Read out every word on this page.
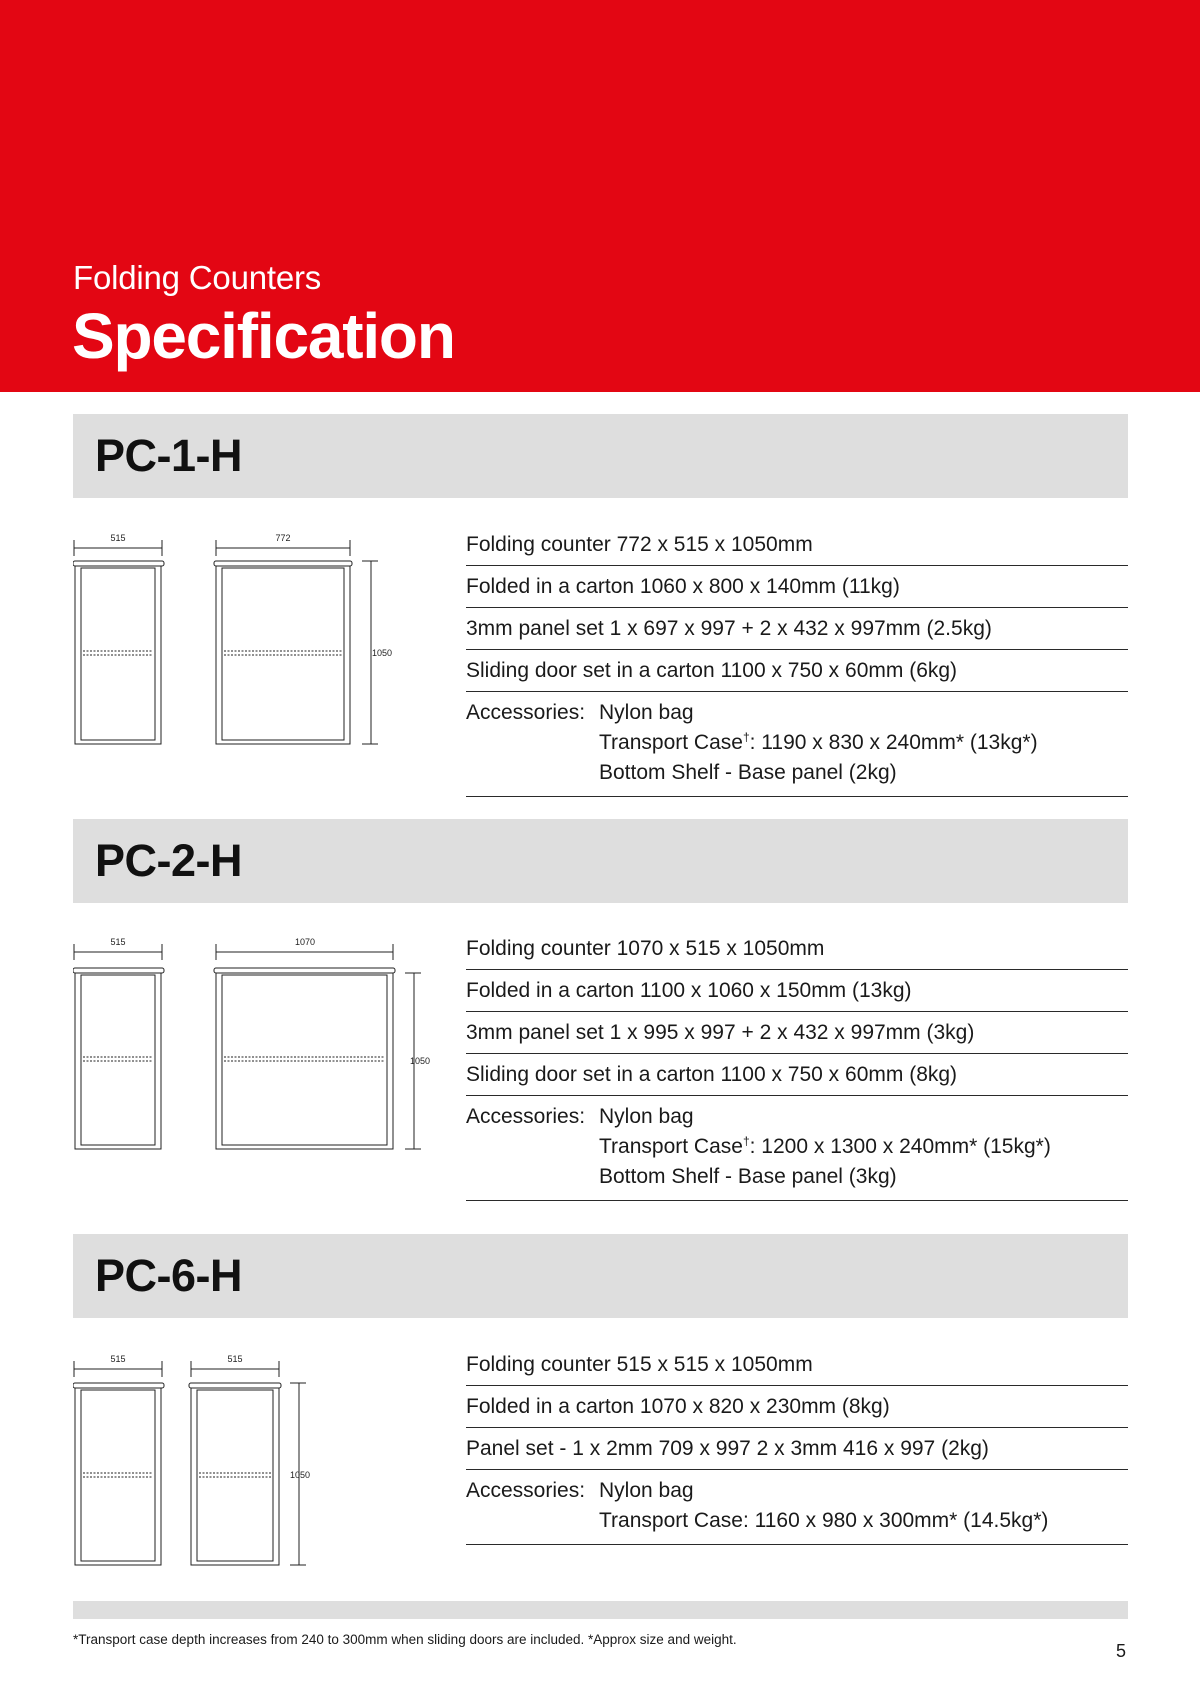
Folding Counters
Specification
PC-1-H
515	772
1050
Folding counter 772 x 515 x 1050mm
Folded in a carton 1060 x 800 x 140mm (11kg)
3mm panel set 1 x 697 x 997 + 2 x 432 x 997mm (2.5kg)
Sliding door set in a carton 1100 x 750 x 60mm (6kg)
Accessories: Nylon bag
Transport Case†: 1190 x 830 x 240mm* (13kg*)
Bottom Shelf - Base panel (2kg)
PC-2-H
515	1070
1050
Folding counter 1070 x 515 x 1050mm
Folded in a carton 1100 x 1060 x 150mm (13kg)
3mm panel set 1 x 995 x 997 + 2 x 432 x 997mm (3kg)
Sliding door set in a carton 1100 x 750 x 60mm (8kg)
Accessories: Nylon bag
Transport Case†: 1200 x 1300 x 240mm* (15kg*)
Bottom Shelf - Base panel (3kg)
PC-6-H
515	515
1050
Folding counter 515 x 515 x 1050mm
Folded in a carton 1070 x 820 x 230mm (8kg)
Panel set - 1 x 2mm 709 x 997 2 x 3mm 416 x 997 (2kg)
Accessories: Nylon bag
Transport Case: 1160 x 980 x 300mm* (14.5kg*)
*Transport case depth increases from 240 to 300mm when sliding doors are included. *Approx size and weight.
5
